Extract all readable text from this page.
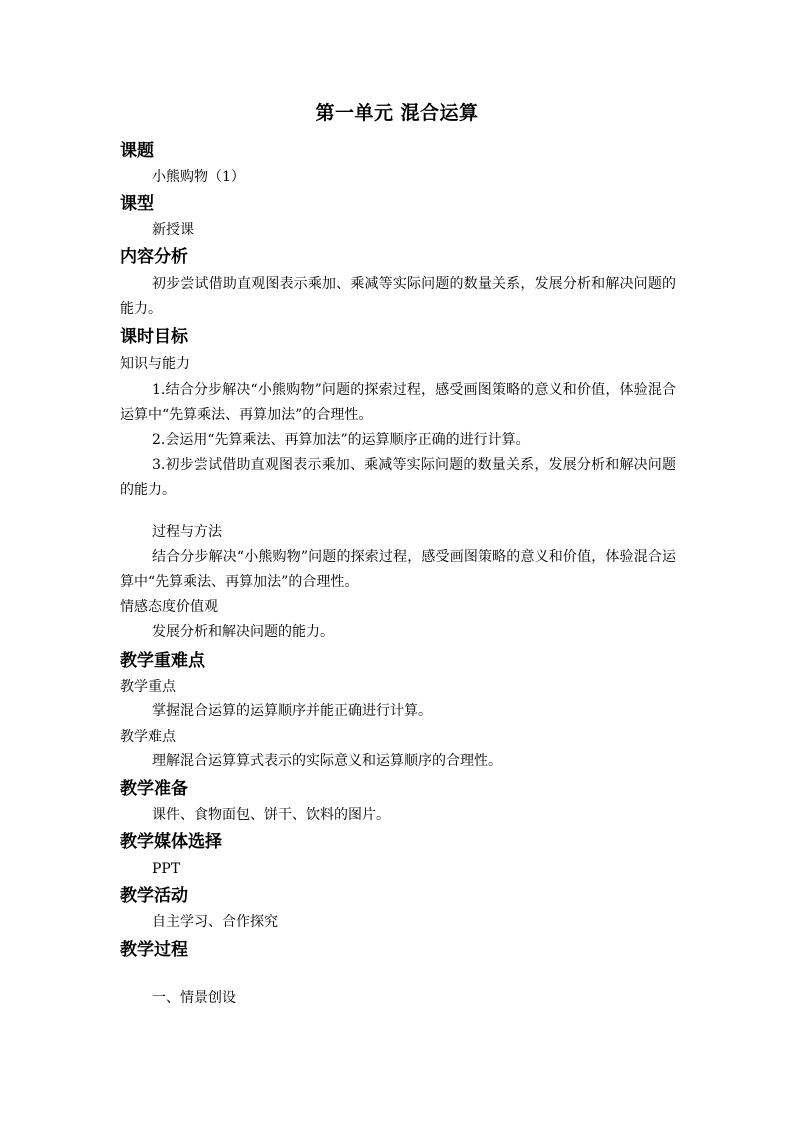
第一单元 混合运算
课题
小熊购物（1）
课型
新授课
内容分析
初步尝试借助直观图表示乘加、乘减等实际问题的数量关系，发展分析和解决问题的能力。
课时目标
知识与能力
1.结合分步解决“小熊购物”问题的探索过程，感受画图策略的意义和价值，体验混合运算中“先算乘法、再算加法”的合理性。
2.会运用“先算乘法、再算加法”的运算顺序正确的进行计算。
3.初步尝试借助直观图表示乘加、乘减等实际问题的数量关系，发展分析和解决问题的能力。
过程与方法
结合分步解决“小熊购物”问题的探索过程，感受画图策略的意义和价值，体验混合运算中“先算乘法、再算加法”的合理性。
情感态度价值观
发展分析和解决问题的能力。
教学重难点
教学重点
掌握混合运算的运算顺序并能正确进行计算。
教学难点
理解混合运算算式表示的实际意义和运算顺序的合理性。
教学准备
课件、食物面包、饼干、饮料的图片。
教学媒体选择
PPT
教学活动
自主学习、合作探究
教学过程
一、情景创设
